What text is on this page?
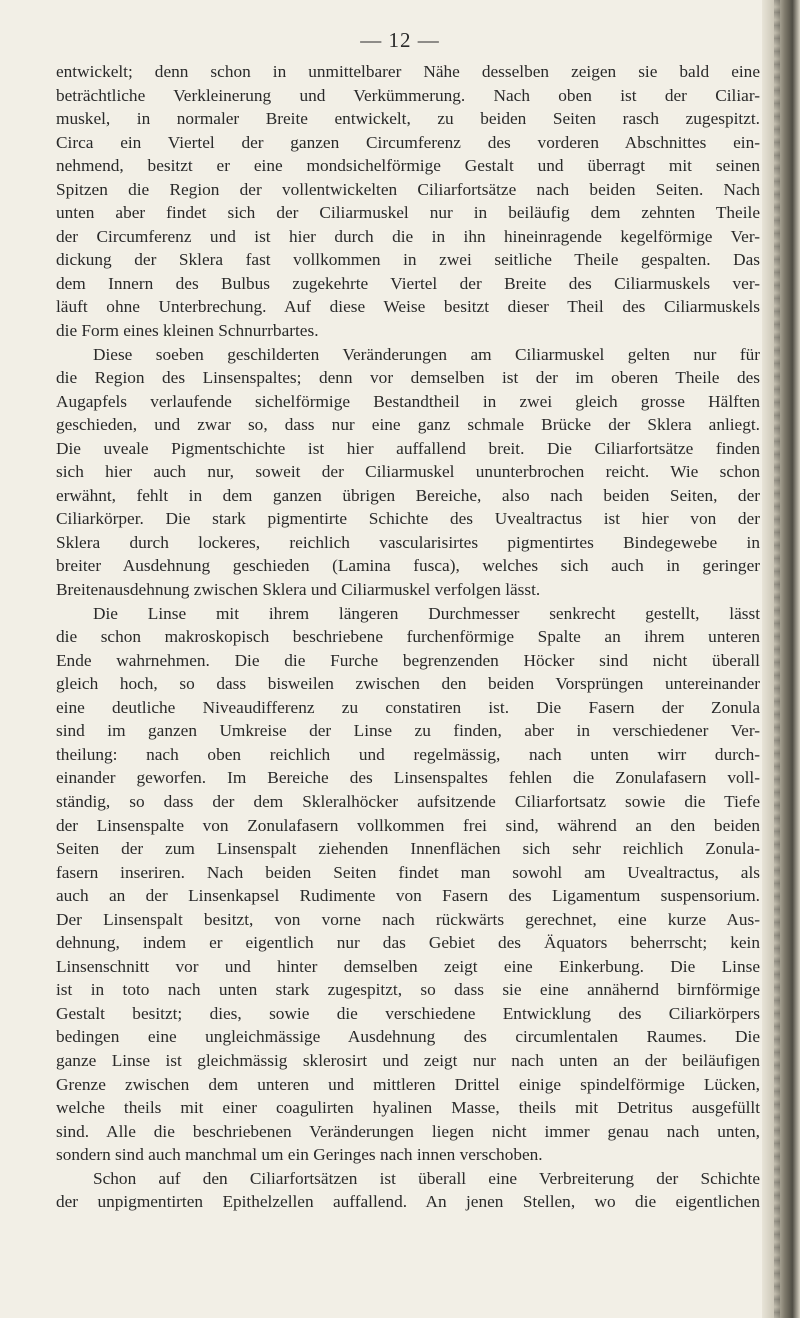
— 12 —
entwickelt; denn schon in unmittelbarer Nähe desselben zeigen sie bald eine
beträchtliche Verkleinerung und Verkümmerung. Nach oben ist der Ciliar-
muskel, in normaler Breite entwickelt, zu beiden Seiten rasch zugespitzt.
Circa ein Viertel der ganzen Circumferenz des vorderen Abschnittes ein-
nehmend, besitzt er eine mondsichelförmige Gestalt und überragt mit seinen
Spitzen die Region der vollentwickelten Ciliarfortsätze nach beiden Seiten. Nach
unten aber findet sich der Ciliarmuskel nur in beiläufig dem zehnten Theile
der Circumferenz und ist hier durch die in ihn hineinragende kegelförmige Ver-
dickung der Sklera fast vollkommen in zwei seitliche Theile gespalten. Das
dem Innern des Bulbus zugekehrte Viertel der Breite des Ciliarmuskels ver-
läuft ohne Unterbrechung. Auf diese Weise besitzt dieser Theil des Ciliarmuskels
die Form eines kleinen Schnurrbartes.
Diese soeben geschilderten Veränderungen am Ciliarmuskel gelten nur für
die Region des Linsenspaltes; denn vor demselben ist der im oberen Theile des
Augapfels verlaufende sichelförmige Bestandtheil in zwei gleich grosse Hälften
geschieden, und zwar so, dass nur eine ganz schmale Brücke der Sklera anliegt.
Die uveale Pigmentschichte ist hier auffallend breit. Die Ciliarfortsätze finden
sich hier auch nur, soweit der Ciliarmuskel ununterbrochen reicht. Wie schon
erwähnt, fehlt in dem ganzen übrigen Bereiche, also nach beiden Seiten, der
Ciliarkörper. Die stark pigmentirte Schichte des Uvealtractus ist hier von der
Sklera durch lockeres, reichlich vascularisirtes pigmentirtes Bindegewebe in
breiter Ausdehnung geschieden (Lamina fusca), welches sich auch in geringer
Breitenausdehnung zwischen Sklera und Ciliarmuskel verfolgen lässt.
Die Linse mit ihrem längeren Durchmesser senkrecht gestellt, lässt
die schon makroskopisch beschriebene furchenförmige Spalte an ihrem unteren
Ende wahrnehmen. Die die Furche begrenzenden Höcker sind nicht überall
gleich hoch, so dass bisweilen zwischen den beiden Vorsprüngen untereinander
eine deutliche Niveaudifferenz zu constatiren ist. Die Fasern der Zonula
sind im ganzen Umkreise der Linse zu finden, aber in verschiedener Ver-
theilung: nach oben reichlich und regelmässig, nach unten wirr durch-
einander geworfen. Im Bereiche des Linsenspaltes fehlen die Zonulafasern voll-
ständig, so dass der dem Skleralhöcker aufsitzende Ciliarfortsatz sowie die Tiefe
der Linsenspalte von Zonulafasern vollkommen frei sind, während an den beiden
Seiten der zum Linsenspalt ziehenden Innenflächen sich sehr reichlich Zonula-
fasern inseriren. Nach beiden Seiten findet man sowohl am Uvealtractus, als
auch an der Linsenkapsel Rudimente von Fasern des Ligamentum suspensorium.
Der Linsenspalt besitzt, von vorne nach rückwärts gerechnet, eine kurze Aus-
dehnung, indem er eigentlich nur das Gebiet des Äquators beherrscht; kein
Linsenschnitt vor und hinter demselben zeigt eine Einkerbung. Die Linse
ist in toto nach unten stark zugespitzt, so dass sie eine annähernd birnförmige
Gestalt besitzt; dies, sowie die verschiedene Entwicklung des Ciliarkörpers
bedingen eine ungleichmässige Ausdehnung des circumlentalen Raumes. Die
ganze Linse ist gleichmässig sklerosirt und zeigt nur nach unten an der beiläufigen
Grenze zwischen dem unteren und mittleren Drittel einige spindelförmige Lücken,
welche theils mit einer coagulirten hyalinen Masse, theils mit Detritus ausgefüllt
sind. Alle die beschriebenen Veränderungen liegen nicht immer genau nach unten,
sondern sind auch manchmal um ein Geringes nach innen verschoben.
Schon auf den Ciliarfortsätzen ist überall eine Verbreiterung der Schichte
der unpigmentirten Epithelzellen auffallend. An jenen Stellen, wo die eigentlichen
